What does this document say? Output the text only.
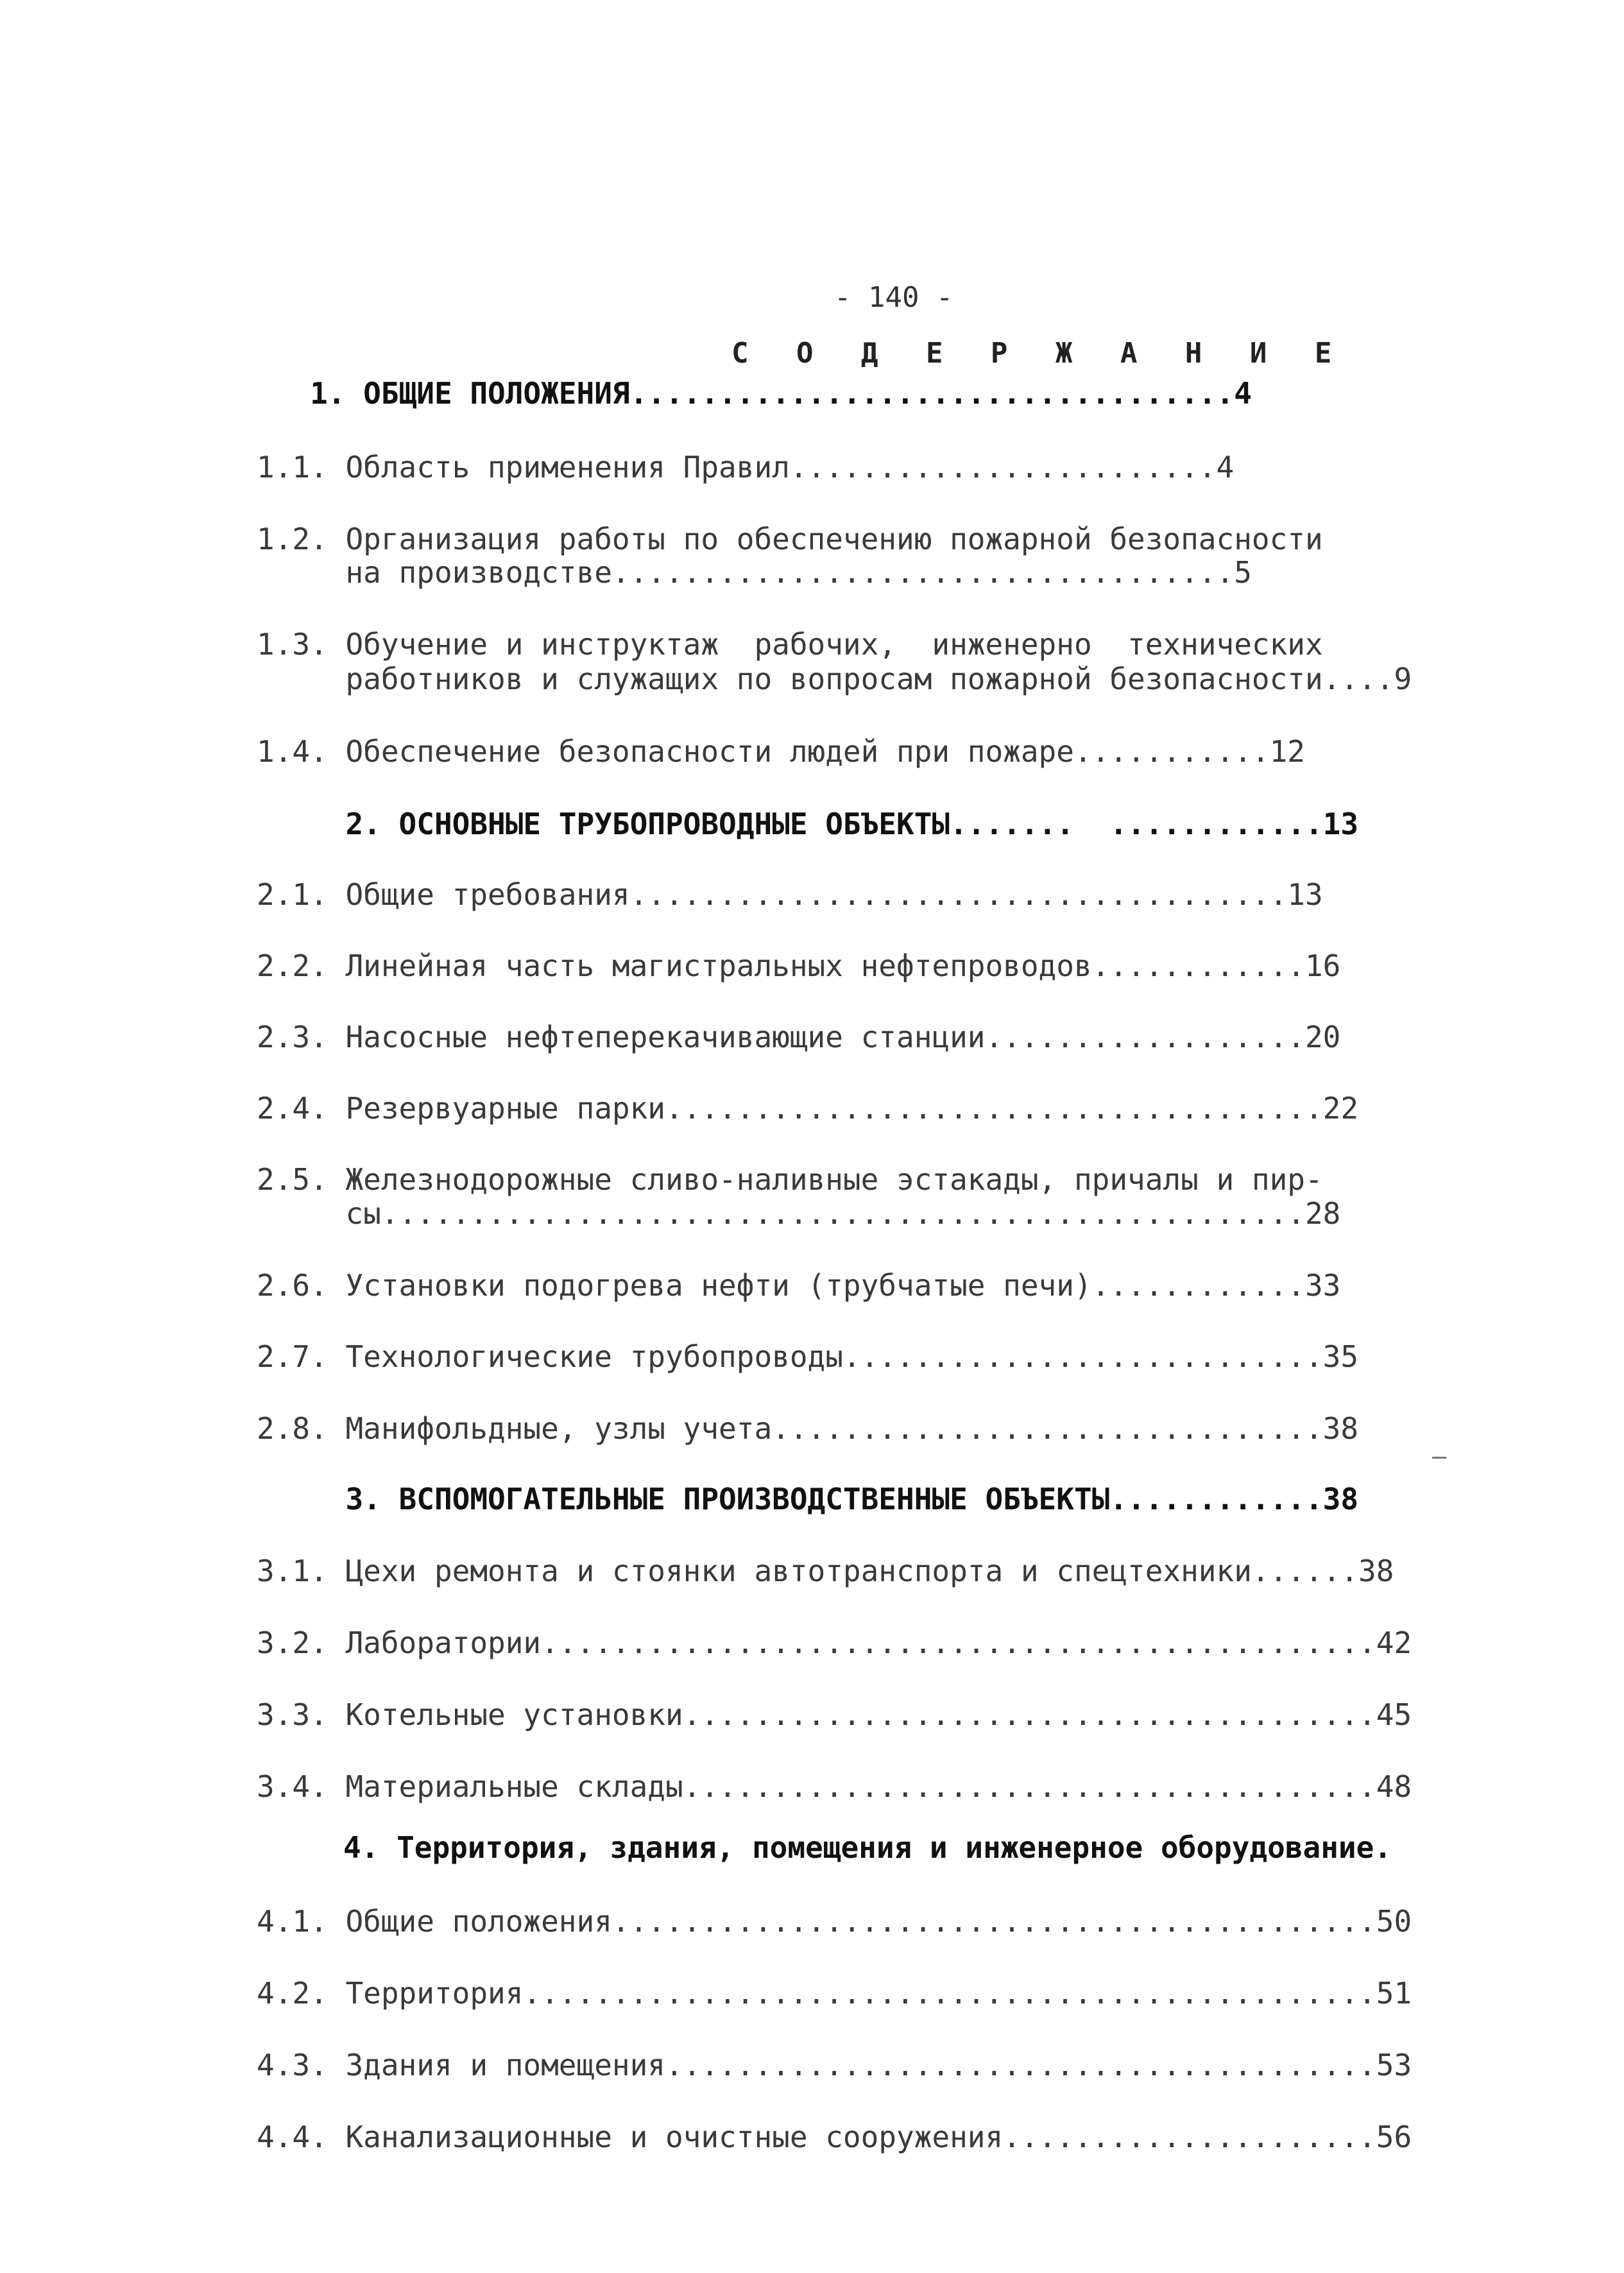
- 140 -
С О Д Е Р Ж А Н И Е
1. ОБЩИЕ ПОЛОЖЕНИЯ..................................4
1.1. Область применения Правил........................4
1.2. Организация работы по обеспечению пожарной безопасности
на производстве...................................5
1.3. Обучение и инструктаж  рабочих,  инженерно  технических
работников и служащих по вопросам пожарной безопасности....9
1.4. Обеспечение безопасности людей при пожаре...........12
2. ОСНОВНЫЕ ТРУБОПРОВОДНЫЕ ОБЪЕКТЫ.......  ............13
2.1. Общие требования.....................................13
2.2. Линейная часть магистральных нефтепроводов............16
2.3. Насосные нефтеперекачивающие станции..................20
2.4. Резервуарные парки.....................................22
2.5. Железнодорожные сливо-наливные эстакады, причалы и пир-
сы....................................................28
2.6. Установки подогрева нефти (трубчатые печи)............33
2.7. Технологические трубопроводы...........................35
2.8. Манифольдные, узлы учета...............................38
3. ВСПОМОГАТЕЛЬНЫЕ ПРОИЗВОДСТВЕННЫЕ ОБЪЕКТЫ............38
3.1. Цехи ремонта и стоянки автотранспорта и спецтехники......38
3.2. Лаборатории...............................................42
3.3. Котельные установки.......................................45
3.4. Материальные склады.......................................48
4. Территория, здания, помещения и инженерное оборудование.
4.1. Общие положения...........................................50
4.2. Территория................................................51
4.3. Здания и помещения........................................53
4.4. Канализационные и очистные сооружения.....................56
